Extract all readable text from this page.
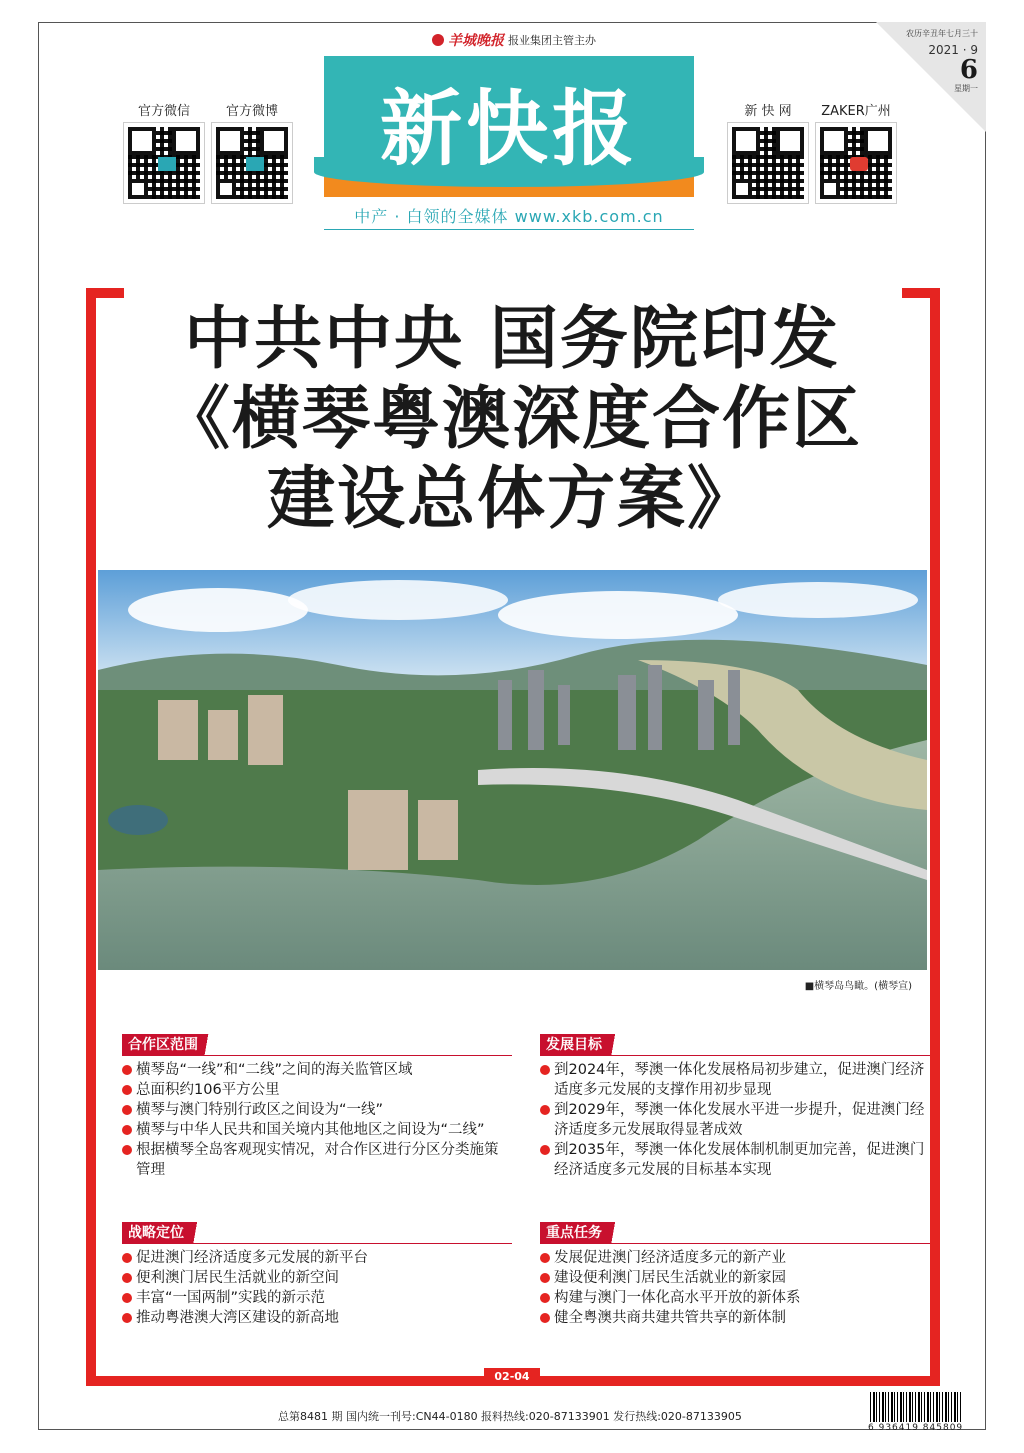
羊城晚报 报业集团主管主办
官方微信	官方微博	新快报
中产 · 白领的全媒体 www.xkb.com.cn
新 快 网	ZAKER广州
农历辛丑年七月三十
2021 · 9
6
星期一
中共中央 国务院印发
《横琴粤澳深度合作区
建设总体方案》
■横琴岛鸟瞰。(横琴宣)
合作区范围
横琴岛“一线”和“二线”之间的海关监管区域
总面积约106平方公里
横琴与澳门特别行政区之间设为“一线”
横琴与中华人民共和国关境内其他地区之间设为“二线”
根据横琴全岛客观现实情况，对合作区进行分区分类施策管理
发展目标
到2024年，琴澳一体化发展格局初步建立，促进澳门经济适度多元发展的支撑作用初步显现
到2029年，琴澳一体化发展水平进一步提升，促进澳门经济适度多元发展取得显著成效
到2035年，琴澳一体化发展体制机制更加完善，促进澳门经济适度多元发展的目标基本实现
战略定位
促进澳门经济适度多元发展的新平台
便利澳门居民生活就业的新空间
丰富“一国两制”实践的新示范
推动粤港澳大湾区建设的新高地
重点任务
发展促进澳门经济适度多元的新产业
建设便利澳门居民生活就业的新家园
构建与澳门一体化高水平开放的新体系
健全粤澳共商共建共管共享的新体制
02-04
总第8481 期 国内统一刊号:CN44-0180 报料热线:020-87133901 发行热线:020-87133905
6 936419 845809
